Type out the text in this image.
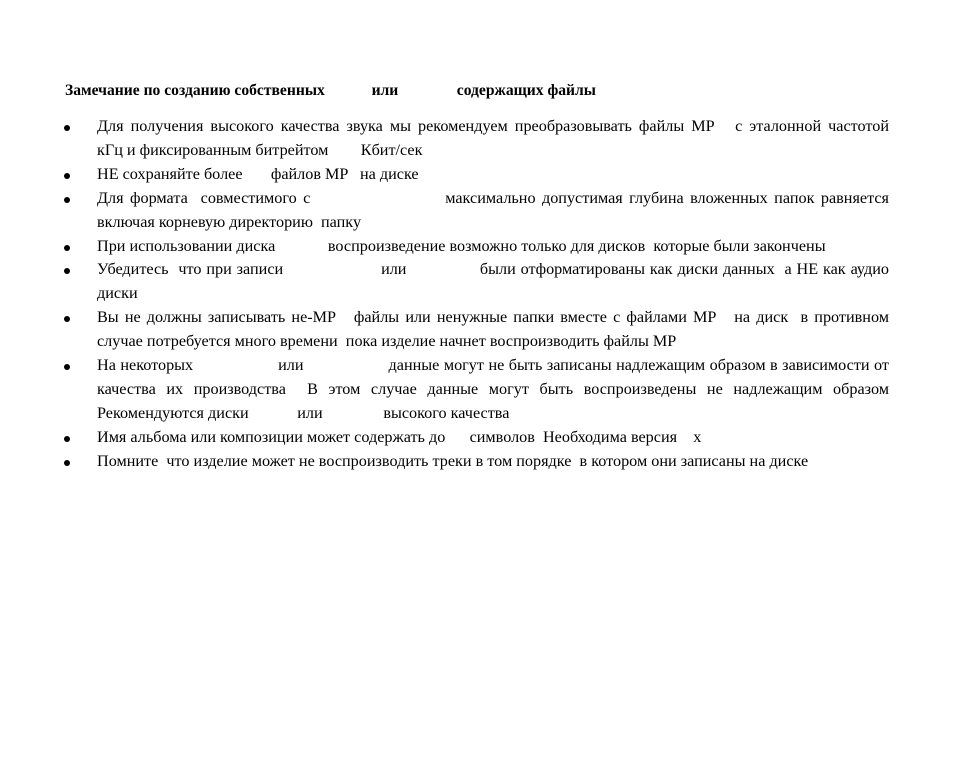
Замечание по созданию собственных            или               содержащих файлы

Для получения высокого качества звука мы рекомендуем преобразовывать файлы MP   с эталонной частотой         кГц и фиксированным битрейтом        Кбит/сек
НЕ сохраняйте более       файлов MP   на диске
Для формата  совместимого с                     максимально допустимая глубина вложенных папок равняется     включая корневую директорию  папку
При использовании диска             воспроизведение возможно только для дисков  которые были закончены
Убедитесь  что при записи                    или               были отформатированы как диски данных  а НЕ как аудио диски
Вы не должны записывать не-MP   файлы или ненужные папки вместе с файлами MP   на диск  в противном случае потребуется много времени  пока изделие начнет воспроизводить файлы MP
На некоторых                   или                   данные могут не быть записаны надлежащим образом в зависимости от качества их производства  В этом случае данные могут быть воспроизведены не надлежащим образом  Рекомендуются диски            или               высокого качества
Имя альбома или композиции может содержать до      символов  Необходима версия    x
Помните  что изделие может не воспроизводить треки в том порядке  в котором они записаны на диске
